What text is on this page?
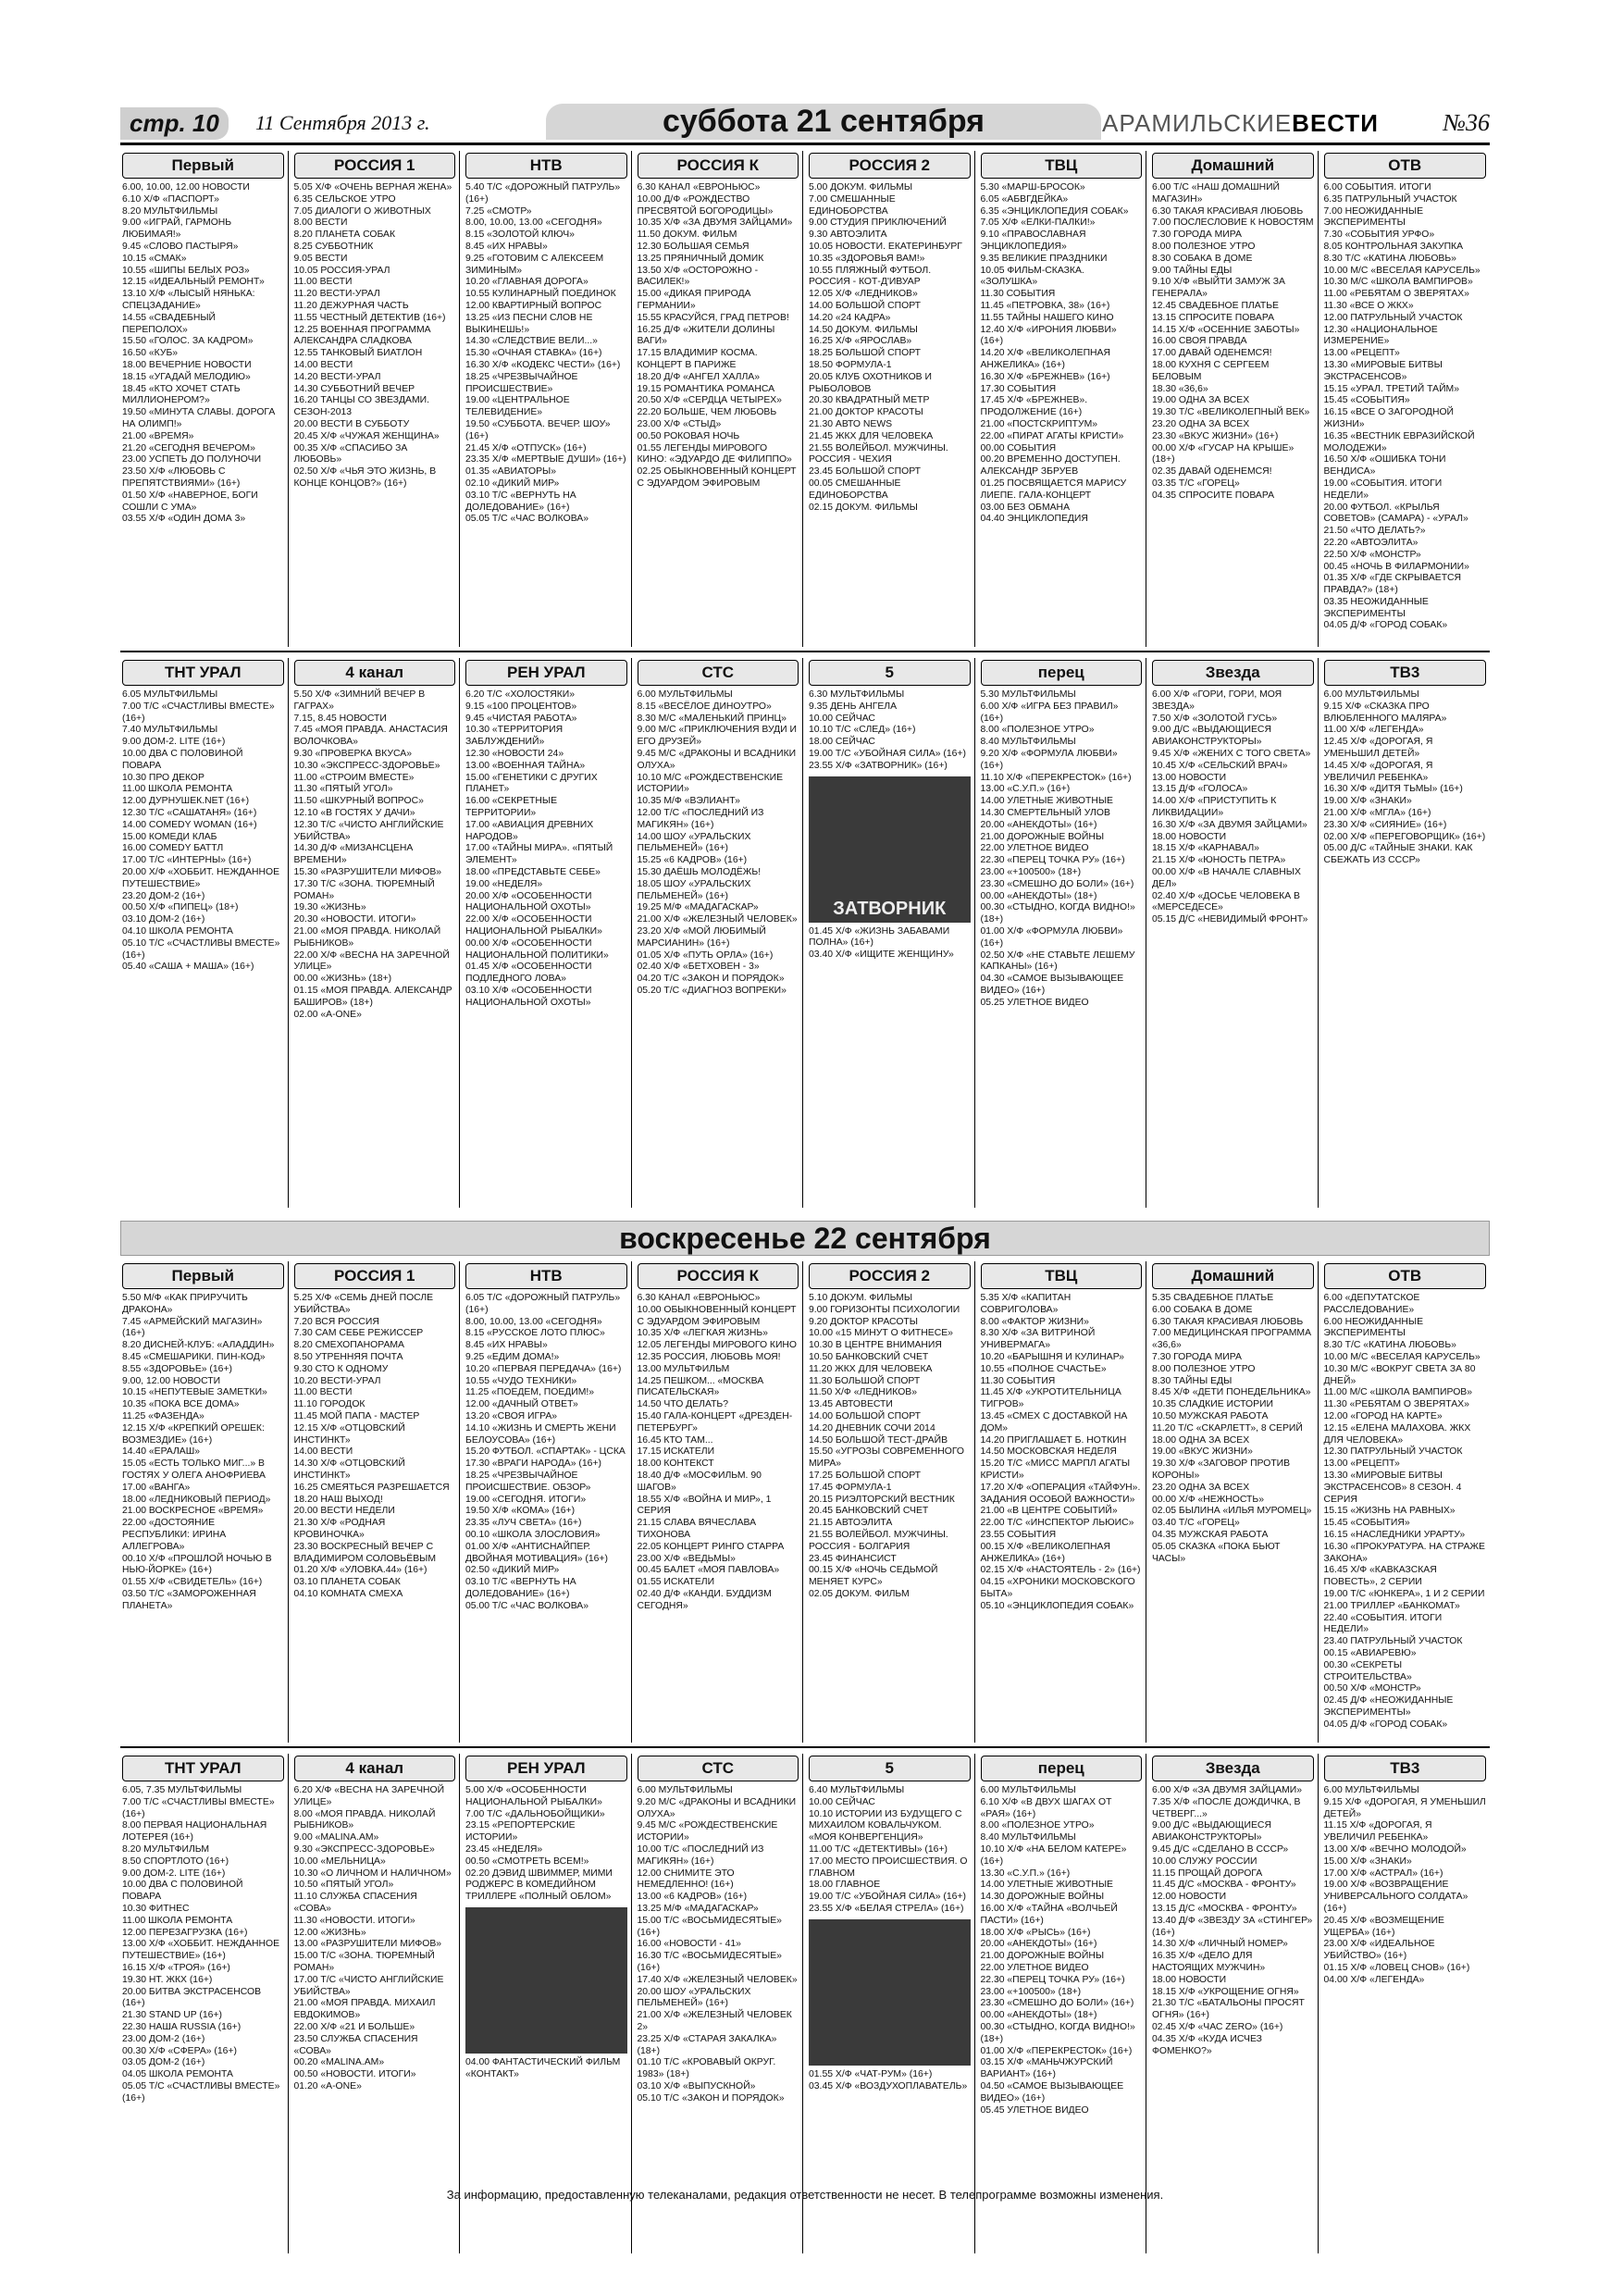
стр. 10	11 Сентября 2013 г.	суббота 21 сентября	АРАМИЛЬСКИЕВЕСТИ	№36
Первый
6.00, 10.00, 12.00 НОВОСТИ
6.10 Х/Ф «ПАСПОРТ»
8.20 МУЛЬТФИЛЬМЫ
9.00 «ИГРАЙ, ГАРМОНЬ ЛЮБИМАЯ!»
9.45 «СЛОВО ПАСТЫРЯ»
10.15 «СМАК»
10.55 «ШИПЫ БЕЛЫХ РОЗ»
12.15 «ИДЕАЛЬНЫЙ РЕМОНТ»
13.10 Х/Ф «ЛЫСЫЙ НЯНЬКА: СПЕЦЗАДАНИЕ»
14.55 «СВАДЕБНЫЙ ПЕРЕПОЛОХ»
15.50 «ГОЛОС. ЗА КАДРОМ»
16.50 «КУБ»
18.00 ВЕЧЕРНИЕ НОВОСТИ
18.15 «УГАДАЙ МЕЛОДИЮ»
18.45 «КТО ХОЧЕТ СТАТЬ МИЛЛИОНЕРОМ?»
19.50 «МИНУТА СЛАВЫ. ДОРОГА НА ОЛИМП!»
21.00 «ВРЕМЯ»
21.20 «СЕГОДНЯ ВЕЧЕРОМ»
23.00 УСПЕТЬ ДО ПОЛУНОЧИ
23.50 Х/Ф «ЛЮБОВЬ С ПРЕПЯТСТВИЯМИ» (16+)
01.50 Х/Ф «НАВЕРНОЕ, БОГИ СОШЛИ С УМА»
03.55 Х/Ф «ОДИН ДОМА 3»
РОССИЯ 1
5.05 Х/Ф «ОЧЕНЬ ВЕРНАЯ ЖЕНА»
6.35 СЕЛЬСКОЕ УТРО
7.05 ДИАЛОГИ О ЖИВОТНЫХ
8.00 ВЕСТИ
8.20 ПЛАНЕТА СОБАК
8.25 СУББОТНИК
9.05 ВЕСТИ
10.05 РОССИЯ-УРАЛ
11.00 ВЕСТИ
11.20 ВЕСТИ-УРАЛ
11.20 ДЕЖУРНАЯ ЧАСТЬ
11.55 ЧЕСТНЫЙ ДЕТЕКТИВ (16+)
12.25 ВОЕННАЯ ПРОГРАММА АЛЕКСАНДРА СЛАДКОВА
12.55 ТАНКОВЫЙ БИАТЛОН
14.00 ВЕСТИ
14.20 ВЕСТИ-УРАЛ
14.30 СУББОТНИЙ ВЕЧЕР
16.20 ТАНЦЫ СО ЗВЕЗДАМИ. СЕЗОН-2013
20.00 ВЕСТИ В СУББОТУ
20.45 Х/Ф «ЧУЖАЯ ЖЕНЩИНА»
00.35 Х/Ф «СПАСИБО ЗА ЛЮБОВЬ»
02.50 Х/Ф «ЧЬЯ ЭТО ЖИЗНЬ, В КОНЦЕ КОНЦОВ?» (16+)
НТВ
5.40 Т/С «ДОРОЖНЫЙ ПАТРУЛЬ» (16+)
7.25 «СМОТР»
8.00, 10.00, 13.00 «СЕГОДНЯ»
8.15 «ЗОЛОТОЙ КЛЮЧ»
8.45 «ИХ НРАВЫ»
9.25 «ГОТОВИМ С АЛЕКСЕЕМ ЗИМИНЫМ»
10.20 «ГЛАВНАЯ ДОРОГА»
10.55 КУЛИНАРНЫЙ ПОЕДИНОК
12.00 КВАРТИРНЫЙ ВОПРОС
13.25 «ИЗ ПЕСНИ СЛОВ НЕ ВЫКИНЕШЬ!»
14.30 «СЛЕДСТВИЕ ВЕЛИ...»
15.30 «ОЧНАЯ СТАВКА» (16+)
16.30 Х/Ф «КОДЕКС ЧЕСТИ» (16+)
18.25 «ЧРЕЗВЫЧАЙНОЕ ПРОИСШЕСТВИЕ»
19.00 «ЦЕНТРАЛЬНОЕ ТЕЛЕВИДЕНИЕ»
19.50 «СУББОТА. ВЕЧЕР. ШОУ» (16+)
21.45 Х/Ф «ОТПУСК» (16+)
23.35 Х/Ф «МЕРТВЫЕ ДУШИ» (16+)
01.35 «АВИАТОРЫ»
02.10 «ДИКИЙ МИР»
03.10 Т/С «ВЕРНУТЬ НА ДОЛЕДОВАНИЕ» (16+)
05.05 Т/С «ЧАС ВОЛКОВА»
РОССИЯ К
6.30 КАНАЛ «ЕВРОНЬЮС»
10.00 Д/Ф «РОЖДЕСТВО ПРЕСВЯТОЙ БОГОРОДИЦЫ»
10.35 Х/Ф «ЗА ДВУМЯ ЗАЙЦАМИ»
11.50 ДОКУМ. ФИЛЬМ
12.30 БОЛЬШАЯ СЕМЬЯ
13.25 ПРЯНИЧНЫЙ ДОМИК
13.50 Х/Ф «ОСТОРОЖНО - ВАСИЛЕК!»
15.00 «ДИКАЯ ПРИРОДА ГЕРМАНИИ»
15.55 КРАСУЙСЯ, ГРАД ПЕТРОВ!
16.25 Д/Ф «ЖИТЕЛИ ДОЛИНЫ ВАГИ»
17.15 ВЛАДИМИР КОСМА. КОНЦЕРТ В ПАРИЖЕ
18.20 Д/Ф «АНГЕЛ ХАЛЛА»
19.15 РОМАНТИКА РОМАНСА
20.50 Х/Ф «СЕРДЦА ЧЕТЫРЕХ»
22.20 БОЛЬШЕ, ЧЕМ ЛЮБОВЬ
23.00 Х/Ф «СТЫД»
00.50 РОКОВАЯ НОЧЬ
01.55 ЛЕГЕНДЫ МИРОВОГО КИНО: «ЭДУАРДО ДЕ ФИЛИППО»
02.25 ОБЫКНОВЕННЫЙ КОНЦЕРТ С ЭДУАРДОМ ЭФИРОВЫМ
РОССИЯ 2
5.00 ДОКУМ. ФИЛЬМЫ
7.00 СМЕШАННЫЕ ЕДИНОБОРСТВА
9.00 СТУДИЯ ПРИКЛЮЧЕНИЙ
9.30 АВТОЭЛИТА
10.05 НОВОСТИ. ЕКАТЕРИНБУРГ
10.35 «ЗДОРОВЬЯ ВАМ!»
10.55 ПЛЯЖНЫЙ ФУТБОЛ. РОССИЯ - КОТ-Д'ИВУАР
12.05 Х/Ф «ЛЕДНИКОВ»
14.00 БОЛЬШОЙ СПОРТ
14.20 «24 КАДРА»
14.50 ДОКУМ. ФИЛЬМЫ
16.25 Х/Ф «ЯРОСЛАВ»
18.25 БОЛЬШОЙ СПОРТ
18.50 ФОРМУЛА-1
20.05 КЛУБ ОХОТНИКОВ И РЫБОЛОВОВ
20.30 КВАДРАТНЫЙ МЕТР
21.00 ДОКТОР КРАСОТЫ
21.30 АВТО NEWS
21.45 ЖКХ ДЛЯ ЧЕЛОВЕКА
21.55 ВОЛЕЙБОЛ. МУЖЧИНЫ. РОССИЯ - ЧЕХИЯ
23.45 БОЛЬШОЙ СПОРТ
00.05 СМЕШАННЫЕ ЕДИНОБОРСТВА
02.15 ДОКУМ. ФИЛЬМЫ
ТВЦ
5.30 «МАРШ-БРОСОК»
6.05 «АБВГДЕЙКА»
6.35 «ЭНЦИКЛОПЕДИЯ СОБАК»
7.05 Х/Ф «ЕЛКИ-ПАЛКИ!»
9.10 «ПРАВОСЛАВНАЯ ЭНЦИКЛОПЕДИЯ»
9.35 ВЕЛИКИЕ ПРАЗДНИКИ
10.05 ФИЛЬМ-СКАЗКА. «ЗОЛУШКА»
11.30 СОБЫТИЯ
11.45 «ПЕТРОВКА, 38» (16+)
11.55 ТАЙНЫ НАШЕГО КИНО
12.40 Х/Ф «ИРОНИЯ ЛЮБВИ» (16+)
14.20 Х/Ф «ВЕЛИКОЛЕПНАЯ АНЖЕЛИКА» (16+)
16.30 Х/Ф «БРЕЖНЕВ» (16+)
17.30 СОБЫТИЯ
17.45 Х/Ф «БРЕЖНЕВ». ПРОДОЛЖЕНИЕ (16+)
21.00 «ПОСТСКРИПТУМ»
22.00 «ПИРАТ АГАТЫ КРИСТИ»
00.00 СОБЫТИЯ
00.20 ВРЕМЕННО ДОСТУПЕН. АЛЕКСАНДР ЗБРУЕВ
01.25 ПОСВЯЩАЕТСЯ МАРИСУ ЛИЕПЕ. ГАЛА-КОНЦЕРТ
03.00 БЕЗ ОБМАНА
04.40 ЭНЦИКЛОПЕДИЯ
Домашний
6.00 Т/С «НАШ ДОМАШНИЙ МАГАЗИН»
6.30 ТАКАЯ КРАСИВАЯ ЛЮБОВЬ
7.00 ПОСЛЕСЛОВИЕ К НОВОСТЯМ
7.30 ГОРОДА МИРА
8.00 ПОЛЕЗНОЕ УТРО
8.30 СОБАКА В ДОМЕ
9.00 ТАЙНЫ ЕДЫ
9.10 Х/Ф «ВЫЙТИ ЗАМУЖ ЗА ГЕНЕРАЛА»
12.45 СВАДЕБНОЕ ПЛАТЬЕ
13.15 СПРОСИТЕ ПОВАРА
14.15 Х/Ф «ОСЕННИЕ ЗАБОТЫ»
16.00 СВОЯ ПРАВДА
17.00 ДАВАЙ ОДЕНЕМСЯ!
18.00 КУХНЯ С СЕРГЕЕМ БЕЛОВЫМ
18.30 «36,6»
19.00 ОДНА ЗА ВСЕХ
19.30 Т/С «ВЕЛИКОЛЕПНЫЙ ВЕК»
23.20 ОДНА ЗА ВСЕХ
23.30 «ВКУС ЖИЗНИ» (16+)
00.00 Х/Ф «ГУСАР НА КРЫШЕ» (18+)
02.35 ДАВАЙ ОДЕНЕМСЯ!
03.35 Т/С «ГОРЕЦ»
04.35 СПРОСИТЕ ПОВАРА
ОТВ
6.00 СОБЫТИЯ. ИТОГИ
6.35 ПАТРУЛЬНЫЙ УЧАСТОК
7.00 НЕОЖИДАННЫЕ ЭКСПЕРИМЕНТЫ
7.30 «СОБЫТИЯ УРФО»
8.05 КОНТРОЛЬНАЯ ЗАКУПКА
8.30 Т/С «КАТИНА ЛЮБОВЬ»
10.00 М/С «ВЕСЕЛАЯ КАРУСЕЛЬ»
10.30 М/С «ШКОЛА ВАМПИРОВ»
11.00 «РЕБЯТАМ О ЗВЕРЯТАХ»
11.30 «ВСЕ О ЖКХ»
12.00 ПАТРУЛЬНЫЙ УЧАСТОК
12.30 «НАЦИОНАЛЬНОЕ ИЗМЕРЕНИЕ»
13.00 «РЕЦЕПТ»
13.30 «МИРОВЫЕ БИТВЫ ЭКСТРАСЕНСОВ»
15.15 «УРАЛ. ТРЕТИЙ ТАЙМ»
15.45 «СОБЫТИЯ»
16.15 «ВСЕ О ЗАГОРОДНОЙ ЖИЗНИ»
16.35 «ВЕСТНИК ЕВРАЗИЙСКОЙ МОЛОДЕЖИ»
16.50 Х/Ф «ОШИБКА ТОНИ ВЕНДИСА»
19.00 «СОБЫТИЯ. ИТОГИ НЕДЕЛИ»
20.00 ФУТБОЛ. «КРЫЛЬЯ СОВЕТОВ» (САМАРА) - «УРАЛ»
21.50 «ЧТО ДЕЛАТЬ?»
22.20 «АВТОЭЛИТА»
22.50 Х/Ф «МОНСТР»
00.45 «НОЧЬ В ФИЛАРМОНИИ»
01.35 Х/Ф «ГДЕ СКРЫВАЕТСЯ ПРАВДА?» (18+)
03.35 НЕОЖИДАННЫЕ ЭКСПЕРИМЕНТЫ
04.05 Д/Ф «ГОРОД СОБАК»
ТНТ УРАЛ
6.05 МУЛЬТФИЛЬМЫ
7.00 Т/С «СЧАСТЛИВЫ ВМЕСТЕ» (16+)
7.40 МУЛЬТФИЛЬМЫ
9.00 ДОМ-2. LITE (16+)
10.00 ДВА С ПОЛОВИНОЙ ПОВАРА
10.30 ПРО ДЕКОР
11.00 ШКОЛА РЕМОНТА
12.00 ДУРНУШЕК.NET (16+)
12.30 Т/С «САШАТАНЯ» (16+)
14.00 COMEDY WOMAN (16+)
15.00 КОМЕДИ КЛАБ
16.00 COMEDY БАТТЛ
17.00 Т/С «ИНТЕРНЫ» (16+)
20.00 Х/Ф «ХОББИТ. НЕЖДАННОЕ ПУТЕШЕСТВИЕ»
23.20 ДОМ-2 (16+)
00.50 Х/Ф «ПИПЕЦ» (18+)
03.10 ДОМ-2 (16+)
04.10 ШКОЛА РЕМОНТА
05.10 Т/С «СЧАСТЛИВЫ ВМЕСТЕ» (16+)
05.40 «САША + МАША» (16+)
4 канал
5.50 Х/Ф «ЗИМНИЙ ВЕЧЕР В ГАГРАХ»
7.15, 8.45 НОВОСТИ
7.45 «МОЯ ПРАВДА. АНАСТАСИЯ ВОЛОЧКОВА»
9.30 «ПРОВЕРКА ВКУСА»
10.30 «ЭКСПРЕСС-ЗДОРОВЬЕ»
11.00 «СТРОИМ ВМЕСТЕ»
11.30 «ПЯТЫЙ УГОЛ»
11.50 «ШКУРНЫЙ ВОПРОС»
12.10 «В ГОСТЯХ У ДАЧИ»
12.30 Т/С «ЧИСТО АНГЛИЙСКИЕ УБИЙСТВА»
14.30 Д/Ф «МИЗАНСЦЕНА ВРЕМЕНИ»
15.30 «РАЗРУШИТЕЛИ МИФОВ»
17.30 Т/С «ЗОНА. ТЮРЕМНЫЙ РОМАН»
19.30 «ЖИЗНЬ»
20.30 «НОВОСТИ. ИТОГИ»
21.00 «МОЯ ПРАВДА. НИКОЛАЙ РЫБНИКОВ»
22.00 Х/Ф «ВЕСНА НА ЗАРЕЧНОЙ УЛИЦЕ»
00.00 «ЖИЗНЬ» (18+)
01.15 «МОЯ ПРАВДА. АЛЕКСАНДР БАШИРОВ» (18+)
02.00 «A-ONE»
РЕН УРАЛ
6.20 Т/С «ХОЛОСТЯКИ»
9.15 «100 ПРОЦЕНТОВ»
9.45 «ЧИСТАЯ РАБОТА»
10.30 «ТЕРРИТОРИЯ ЗАБЛУЖДЕНИЙ»
12.30 «НОВОСТИ 24»
13.00 «ВОЕННАЯ ТАЙНА»
15.00 «ГЕНЕТИКИ С ДРУГИХ ПЛАНЕТ»
16.00 «СЕКРЕТНЫЕ ТЕРРИТОРИИ»
17.00 «АВИАЦИЯ ДРЕВНИХ НАРОДОВ»
17.00 «ТАЙНЫ МИРА». «ПЯТЫЙ ЭЛЕМЕНТ»
18.00 «ПРЕДСТАВЬТЕ СЕБЕ»
19.00 «НЕДЕЛЯ»
20.00 Х/Ф «ОСОБЕННОСТИ НАЦИОНАЛЬНОЙ ОХОТЫ»
22.00 Х/Ф «ОСОБЕННОСТИ НАЦИОНАЛЬНОЙ РЫБАЛКИ»
00.00 Х/Ф «ОСОБЕННОСТИ НАЦИОНАЛЬНОЙ ПОЛИТИКИ»
01.45 Х/Ф «ОСОБЕННОСТИ ПОДЛЕДНОГО ЛОВА»
03.10 Х/Ф «ОСОБЕННОСТИ НАЦИОНАЛЬНОЙ ОХОТЫ»
СТС
6.00 МУЛЬТФИЛЬМЫ
8.15 «ВЕСЁЛОЕ ДИНОУТРО»
8.30 М/С «МАЛЕНЬКИЙ ПРИНЦ»
9.00 М/С «ПРИКЛЮЧЕНИЯ ВУДИ И ЕГО ДРУЗЕЙ»
9.45 М/С «ДРАКОНЫ И ВСАДНИКИ ОЛУХА»
10.10 М/С «РОЖДЕСТВЕНСКИЕ ИСТОРИИ»
10.35 М/Ф «ВЭЛИАНТ»
12.00 Т/С «ПОСЛЕДНИЙ ИЗ МАГИКЯН» (16+)
14.00 ШОУ «УРАЛЬСКИХ ПЕЛЬМЕНЕЙ» (16+)
15.25 «6 КАДРОВ» (16+)
15.30 ДАЁШЬ МОЛОДЁЖЬ!
18.05 ШОУ «УРАЛЬСКИХ ПЕЛЬМЕНЕЙ» (16+)
19.25 М/Ф «МАДАГАСКАР»
21.00 Х/Ф «ЖЕЛЕЗНЫЙ ЧЕЛОВЕК»
23.20 Х/Ф «МОЙ ЛЮБИМЫЙ МАРСИАНИН» (16+)
01.05 Х/Ф «ПУТЬ ОРЛА» (16+)
02.40 Х/Ф «БЕТХОВЕН - 3»
04.20 Т/С «ЗАКОН И ПОРЯДОК»
05.20 Т/С «ДИАГНОЗ ВОПРЕКИ»
5
6.30 МУЛЬТФИЛЬМЫ
9.35 ДЕНЬ АНГЕЛА
10.00 СЕЙЧАС
10.10 Т/С «СЛЕД» (16+)
18.00 СЕЙЧАС
19.00 Т/С «УБОЙНАЯ СИЛА» (16+)
23.55 Х/Ф «ЗАТВОРНИК» (16+)
ЗАТВОРНИК
01.45 Х/Ф «ЖИЗНЬ ЗАБАВАМИ ПОЛНА» (16+)
03.40 Х/Ф «ИЩИТЕ ЖЕНЩИНУ»
перец
5.30 МУЛЬТФИЛЬМЫ
6.00 Х/Ф «ИГРА БЕЗ ПРАВИЛ» (16+)
8.00 «ПОЛЕЗНОЕ УТРО»
8.40 МУЛЬТФИЛЬМЫ
9.20 Х/Ф «ФОРМУЛА ЛЮБВИ» (16+)
11.10 Х/Ф «ПЕРЕКРЕСТОК» (16+)
13.00 «С.У.П.» (16+)
14.00 УЛЕТНЫЕ ЖИВОТНЫЕ
14.30 СМЕРТЕЛЬНЫЙ УЛОВ
20.00 «АНЕКДОТЫ» (16+)
21.00 ДОРОЖНЫЕ ВОЙНЫ
22.00 УЛЕТНОЕ ВИДЕО
22.30 «ПЕРЕЦ ТОЧКА РУ» (16+)
23.00 «+100500» (18+)
23.30 «СМЕШНО ДО БОЛИ» (16+)
00.00 «АНЕКДОТЫ» (18+)
00.30 «СТЫДНО, КОГДА ВИДНО!» (18+)
01.00 Х/Ф «ФОРМУЛА ЛЮБВИ» (16+)
02.50 Х/Ф «НЕ СТАВЬТЕ ЛЕШЕМУ КАПКАНЫ» (16+)
04.30 «САМОЕ ВЫЗЫВАЮЩЕЕ ВИДЕО» (16+)
05.25 УЛЕТНОЕ ВИДЕО
Звезда
6.00 Х/Ф «ГОРИ, ГОРИ, МОЯ ЗВЕЗДА»
7.50 Х/Ф «ЗОЛОТОЙ ГУСЬ»
9.00 Д/С «ВЫДАЮЩИЕСЯ АВИАКОНСТРУКТОРЫ»
9.45 Х/Ф «ЖЕНИХ С ТОГО СВЕТА»
10.45 Х/Ф «СЕЛЬСКИЙ ВРАЧ»
13.00 НОВОСТИ
13.15 Д/Ф «ГОЛОСА»
14.00 Х/Ф «ПРИСТУПИТЬ К ЛИКВИДАЦИИ»
16.30 Х/Ф «ЗА ДВУМЯ ЗАЙЦАМИ»
18.00 НОВОСТИ
18.15 Х/Ф «КАРНАВАЛ»
21.15 Х/Ф «ЮНОСТЬ ПЕТРА»
00.00 Х/Ф «В НАЧАЛЕ СЛАВНЫХ ДЕЛ»
02.40 Х/Ф «ДОСЬЕ ЧЕЛОВЕКА В «МЕРСЕДЕСЕ»
05.15 Д/С «НЕВИДИМЫЙ ФРОНТ»
ТВ3
6.00 МУЛЬТФИЛЬМЫ
9.15 Х/Ф «СКАЗКА ПРО ВЛЮБЛЕННОГО МАЛЯРА»
11.00 Х/Ф «ЛЕГЕНДА»
12.45 Х/Ф «ДОРОГАЯ, Я УМЕНЬШИЛ ДЕТЕЙ»
14.45 Х/Ф «ДОРОГАЯ, Я УВЕЛИЧИЛ РЕБЕНКА»
16.30 Х/Ф «ДИТЯ ТЬМЫ» (16+)
19.00 Х/Ф «ЗНАКИ»
21.00 Х/Ф «МГЛА» (16+)
23.30 Х/Ф «СИЯНИЕ» (16+)
02.00 Х/Ф «ПЕРЕГОВОРЩИК» (16+)
05.00 Д/С «ТАЙНЫЕ ЗНАКИ. КАК СБЕЖАТЬ ИЗ СССР»
воскресенье 22 сентября
Первый
5.50 М/Ф «КАК ПРИРУЧИТЬ ДРАКОНА»
7.45 «АРМЕЙСКИЙ МАГАЗИН» (16+)
8.20 ДИСНЕЙ-КЛУБ: «АЛАДДИН»
8.45 «СМЕШАРИКИ. ПИН-КОД»
8.55 «ЗДОРОВЬЕ» (16+)
9.00, 12.00 НОВОСТИ
10.15 «НЕПУТЕВЫЕ ЗАМЕТКИ»
10.35 «ПОКА ВСЕ ДОМА»
11.25 «ФАЗЕНДА»
12.15 Х/Ф «КРЕПКИЙ ОРЕШЕК: ВОЗМЕЗДИЕ» (16+)
14.40 «ЕРАЛАШ»
15.05 «ЕСТЬ ТОЛЬКО МИГ...» В ГОСТЯХ У ОЛЕГА АНОФРИЕВА
17.00 «ВАНГА»
18.00 «ЛЕДНИКОВЫЙ ПЕРИОД»
21.00 ВОСКРЕСНОЕ «ВРЕМЯ»
22.00 «ДОСТОЯНИЕ РЕСПУБЛИКИ: ИРИНА АЛЛЕГРОВА»
00.10 Х/Ф «ПРОШЛОЙ НОЧЬЮ В НЬЮ-ЙОРКЕ» (16+)
01.55 Х/Ф «СВИДЕТЕЛЬ» (16+)
03.50 Т/С «ЗАМОРОЖЕННАЯ ПЛАНЕТА»
РОССИЯ 1
5.25 Х/Ф «СЕМЬ ДНЕЙ ПОСЛЕ УБИЙСТВА»
7.20 ВСЯ РОССИЯ
7.30 САМ СЕБЕ РЕЖИССЕР
8.20 СМЕХОПАНОРАМА
8.50 УТРЕННЯЯ ПОЧТА
9.30 СТО К ОДНОМУ
10.20 ВЕСТИ-УРАЛ
11.00 ВЕСТИ
11.10 ГОРОДОК
11.45 МОЙ ПАПА - МАСТЕР
12.15 Х/Ф «ОТЦОВСКИЙ ИНСТИНКТ»
14.00 ВЕСТИ
14.30 Х/Ф «ОТЦОВСКИЙ ИНСТИНКТ»
16.25 СМЕЯТЬСЯ РАЗРЕШАЕТСЯ
18.20 НАШ ВЫХОД!
20.00 ВЕСТИ НЕДЕЛИ
21.30 Х/Ф «РОДНАЯ КРОВИНОЧКА»
23.30 ВОСКРЕСНЫЙ ВЕЧЕР С ВЛАДИМИРОМ СОЛОВЬЁВЫМ
01.20 Х/Ф «УЛОВКА.44» (16+)
03.10 ПЛАНЕТА СОБАК
04.10 КОМНАТА СМЕХА
НТВ
6.05 Т/С «ДОРОЖНЫЙ ПАТРУЛЬ» (16+)
8.00, 10.00, 13.00 «СЕГОДНЯ»
8.15 «РУССКОЕ ЛОТО ПЛЮС»
8.45 «ИХ НРАВЫ»
9.25 «ЕДИМ ДОМА!»
10.20 «ПЕРВАЯ ПЕРЕДАЧА» (16+)
10.55 «ЧУДО ТЕХНИКИ»
11.25 «ПОЕДЕМ, ПОЕДИМ!»
12.00 «ДАЧНЫЙ ОТВЕТ»
13.20 «СВОЯ ИГРА»
14.10 «ЖИЗНЬ И СМЕРТЬ ЖЕНИ БЕЛОУСОВА» (16+)
15.20 ФУТБОЛ. «СПАРТАК» - ЦСКА
17.30 «ВРАГИ НАРОДА» (16+)
18.25 «ЧРЕЗВЫЧАЙНОЕ ПРОИСШЕСТВИЕ. ОБЗОР»
19.00 «СЕГОДНЯ. ИТОГИ»
19.50 Х/Ф «КОМА» (16+)
23.35 «ЛУЧ СВЕТА» (16+)
00.10 «ШКОЛА ЗЛОСЛОВИЯ»
01.00 Х/Ф «АНТИСНАЙПЕР. ДВОЙНАЯ МОТИВАЦИЯ» (16+)
02.50 «ДИКИЙ МИР»
03.10 Т/С «ВЕРНУТЬ НА ДОЛЕДОВАНИЕ» (16+)
05.00 Т/С «ЧАС ВОЛКОВА»
РОССИЯ К
6.30 КАНАЛ «ЕВРОНЬЮС»
10.00 ОБЫКНОВЕННЫЙ КОНЦЕРТ С ЭДУАРДОМ ЭФИРОВЫМ
10.35 Х/Ф «ЛЕГКАЯ ЖИЗНЬ»
12.05 ЛЕГЕНДЫ МИРОВОГО КИНО
12.35 РОССИЯ, ЛЮБОВЬ МОЯ!
13.00 МУЛЬТФИЛЬМ
14.25 ПЕШКОМ... «МОСКВА ПИСАТЕЛЬСКАЯ»
14.50 ЧТО ДЕЛАТЬ?
15.40 ГАЛА-КОНЦЕРТ «ДРЕЗДЕН-ПЕТЕРБУРГ»
16.45 КТО ТАМ...
17.15 ИСКАТЕЛИ
18.00 КОНТЕКСТ
18.40 Д/Ф «МОСФИЛЬМ. 90 ШАГОВ»
18.55 Х/Ф «ВОЙНА И МИР», 1 СЕРИЯ
21.15 СЛАВА ВЯЧЕСЛАВА ТИХОНОВА
22.05 КОНЦЕРТ РИНГО СТАРРА
23.00 Х/Ф «ВЕДЬМЫ»
00.45 БАЛЕТ «МОЯ ПАВЛОВА»
01.55 ИСКАТЕЛИ
02.40 Д/Ф «КАНДИ. БУДДИЗМ СЕГОДНЯ»
РОССИЯ 2
5.10 ДОКУМ. ФИЛЬМЫ
9.00 ГОРИЗОНТЫ ПСИХОЛОГИИ
9.20 ДОКТОР КРАСОТЫ
10.00 «15 МИНУТ О ФИТНЕСЕ»
10.30 В ЦЕНТРЕ ВНИМАНИЯ
10.50 БАНКОВСКИЙ СЧЕТ
11.20 ЖКХ ДЛЯ ЧЕЛОВЕКА
11.30 БОЛЬШОЙ СПОРТ
11.50 Х/Ф «ЛЕДНИКОВ»
13.45 АВТОВЕСТИ
14.00 БОЛЬШОЙ СПОРТ
14.20 ДНЕВНИК СОЧИ 2014
14.50 БОЛЬШОЙ ТЕСТ-ДРАЙВ
15.50 «УГРОЗЫ СОВРЕМЕННОГО МИРА»
17.25 БОЛЬШОЙ СПОРТ
17.45 ФОРМУЛА-1
20.15 РИЭЛТОРСКИЙ ВЕСТНИК
20.45 БАНКОВСКИЙ СЧЕТ
21.15 АВТОЭЛИТА
21.55 ВОЛЕЙБОЛ. МУЖЧИНЫ. РОССИЯ - БОЛГАРИЯ
23.45 ФИНАНСИСТ
00.15 Х/Ф «НОЧЬ СЕДЬМОЙ МЕНЯЕТ КУРС»
02.05 ДОКУМ. ФИЛЬМ
ТВЦ
5.35 Х/Ф «КАПИТАН СОВРИГОЛОВА»
8.00 «ФАКТОР ЖИЗНИ»
8.30 Х/Ф «ЗА ВИТРИНОЙ УНИВЕРМАГА»
10.20 «БАРЫШНЯ И КУЛИНАР»
10.55 «ПОЛНОЕ СЧАСТЬЕ»
11.30 СОБЫТИЯ
11.45 Х/Ф «УКРОТИТЕЛЬНИЦА ТИГРОВ»
13.45 «СМЕХ С ДОСТАВКОЙ НА ДОМ»
14.20 ПРИГЛАШАЕТ Б. НОТКИН
14.50 МОСКОВСКАЯ НЕДЕЛЯ
15.20 Т/С «МИСС МАРПЛ АГАТЫ КРИСТИ»
17.20 Х/Ф «ОПЕРАЦИЯ «ТАЙФУН». ЗАДАНИЯ ОСОБОЙ ВАЖНОСТИ»
21.00 «В ЦЕНТРЕ СОБЫТИЙ»
22.00 Т/С «ИНСПЕКТОР ЛЬЮИС»
23.55 СОБЫТИЯ
00.15 Х/Ф «ВЕЛИКОЛЕПНАЯ АНЖЕЛИКА» (16+)
02.15 Х/Ф «НАСТОЯТЕЛЬ - 2» (16+)
04.15 «ХРОНИКИ МОСКОВСКОГО БЫТА»
05.10 «ЭНЦИКЛОПЕДИЯ СОБАК»
Домашний
5.35 СВАДЕБНОЕ ПЛАТЬЕ
6.00 СОБАКА В ДОМЕ
6.30 ТАКАЯ КРАСИВАЯ ЛЮБОВЬ
7.00 МЕДИЦИНСКАЯ ПРОГРАММА «36,6»
7.30 ГОРОДА МИРА
8.00 ПОЛЕЗНОЕ УТРО
8.30 ТАЙНЫ ЕДЫ
8.45 Х/Ф «ДЕТИ ПОНЕДЕЛЬНИКА»
10.35 СЛАДКИЕ ИСТОРИИ
10.50 МУЖСКАЯ РАБОТА
11.20 Т/С «СКАРЛЕТТ», 8 СЕРИЙ
18.00 ОДНА ЗА ВСЕХ
19.00 «ВКУС ЖИЗНИ»
19.30 Х/Ф «ЗАГОВОР ПРОТИВ КОРОНЫ»
23.20 ОДНА ЗА ВСЕХ
00.00 Х/Ф «НЕЖНОСТЬ»
02.05 БЫЛИНА «ИЛЬЯ МУРОМЕЦ»
03.40 Т/С «ГОРЕЦ»
04.35 МУЖСКАЯ РАБОТА
05.05 СКАЗКА «ПОКА БЬЮТ ЧАСЫ»
ОТВ
6.00 «ДЕПУТАТСКОЕ РАССЛЕДОВАНИЕ»
6.00 НЕОЖИДАННЫЕ ЭКСПЕРИМЕНТЫ
8.30 Т/С «КАТИНА ЛЮБОВЬ»
10.00 М/С «ВЕСЕЛАЯ КАРУСЕЛЬ»
10.30 М/С «ВОКРУГ СВЕТА ЗА 80 ДНЕЙ»
11.00 М/С «ШКОЛА ВАМПИРОВ»
11.30 «РЕБЯТАМ О ЗВЕРЯТАХ»
12.00 «ГОРОД НА КАРТЕ»
12.15 «ЕЛЕНА МАЛАХОВА. ЖКХ ДЛЯ ЧЕЛОВЕКА»
12.30 ПАТРУЛЬНЫЙ УЧАСТОК
13.00 «РЕЦЕПТ»
13.30 «МИРОВЫЕ БИТВЫ ЭКСТРАСЕНСОВ» 8 СЕЗОН. 4 СЕРИЯ
15.15 «ЖИЗНЬ НА РАВНЫХ»
15.45 «СОБЫТИЯ»
16.15 «НАСЛЕДНИКИ УРАРТУ»
16.30 «ПРОКУРАТУРА. НА СТРАЖЕ ЗАКОНА»
16.45 Х/Ф «КАВКАЗСКАЯ ПОВЕСТЬ», 2 СЕРИИ
19.00 Т/С «ЮНКЕРА», 1 И 2 СЕРИИ
21.00 ТРИЛЛЕР «БАНКОМАТ»
22.40 «СОБЫТИЯ. ИТОГИ НЕДЕЛИ»
23.40 ПАТРУЛЬНЫЙ УЧАСТОК
00.15 «АВИАРЕВЮ»
00.30 «СЕКРЕТЫ СТРОИТЕЛЬСТВА»
00.50 Х/Ф «МОНСТР»
02.45 Д/Ф «НЕОЖИДАННЫЕ ЭКСПЕРИМЕНТЫ»
04.05 Д/Ф «ГОРОД СОБАК»
ТНТ УРАЛ
6.05, 7.35 МУЛЬТФИЛЬМЫ
7.00 Т/С «СЧАСТЛИВЫ ВМЕСТЕ» (16+)
8.00 ПЕРВАЯ НАЦИОНАЛЬНАЯ ЛОТЕРЕЯ (16+)
8.20 МУЛЬТФИЛЬМ
8.50 СПОРТЛОТО (16+)
9.00 ДОМ-2. LITE (16+)
10.00 ДВА С ПОЛОВИНОЙ ПОВАРА
10.30 ФИТНЕС
11.00 ШКОЛА РЕМОНТА
12.00 ПЕРЕЗАГРУЗКА (16+)
13.00 Х/Ф «ХОББИТ. НЕЖДАННОЕ ПУТЕШЕСТВИЕ» (16+)
16.15 Х/Ф «ТРОЯ» (16+)
19.30 НТ. ЖКХ (16+)
20.00 БИТВА ЭКСТРАСЕНСОВ (16+)
21.30 STAND UP (16+)
22.30 НАША RUSSIA (16+)
23.00 ДОМ-2 (16+)
00.30 Х/Ф «СФЕРА» (16+)
03.05 ДОМ-2 (16+)
04.05 ШКОЛА РЕМОНТА
05.05 Т/С «СЧАСТЛИВЫ ВМЕСТЕ» (16+)
4 канал
6.20 Х/Ф «ВЕСНА НА ЗАРЕЧНОЙ УЛИЦЕ»
8.00 «МОЯ ПРАВДА. НИКОЛАЙ РЫБНИКОВ»
9.00 «MALINA.AM»
9.30 «ЭКСПРЕСС-ЗДОРОВЬЕ»
10.00 «МЕЛЬНИЦА»
10.30 «О ЛИЧНОМ И НАЛИЧНОМ»
10.50 «ПЯТЫЙ УГОЛ»
11.10 СЛУЖБА СПАСЕНИЯ «СОВА»
11.30 «НОВОСТИ. ИТОГИ»
12.00 «ЖИЗНЬ»
13.00 «РАЗРУШИТЕЛИ МИФОВ»
15.00 Т/С «ЗОНА. ТЮРЕМНЫЙ РОМАН»
17.00 Т/С «ЧИСТО АНГЛИЙСКИЕ УБИЙСТВА»
21.00 «МОЯ ПРАВДА. МИХАИЛ ЕВДОКИМОВ»
22.00 Х/Ф «21 И БОЛЬШЕ»
23.50 СЛУЖБА СПАСЕНИЯ «СОВА»
00.20 «MALINA.AM»
00.50 «НОВОСТИ. ИТОГИ»
01.20 «A-ONE»
РЕН УРАЛ
5.00 Х/Ф «ОСОБЕННОСТИ НАЦИОНАЛЬНОЙ РЫБАЛКИ»
7.00 Т/С «ДАЛЬНОБОЙЩИКИ»
23.15 «РЕПОРТЕРСКИЕ ИСТОРИИ»
23.45 «НЕДЕЛЯ»
00.50 «СМОТРЕТЬ ВСЕМ!»
02.20 ДЭВИД ШВИММЕР, МИМИ РОДЖЕРС В КОМЕДИЙНОМ ТРИЛЛЕРЕ «ПОЛНЫЙ ОБЛОМ»
04.00 ФАНТАСТИЧЕСКИЙ ФИЛЬМ «КОНТАКТ»
СТС
6.00 МУЛЬТФИЛЬМЫ
9.20 М/С «ДРАКОНЫ И ВСАДНИКИ ОЛУХА»
9.45 М/С «РОЖДЕСТВЕНСКИЕ ИСТОРИИ»
10.00 Т/С «ПОСЛЕДНИЙ ИЗ МАГИКЯН» (16+)
12.00 СНИМИТЕ ЭТО НЕМЕДЛЕННО! (16+)
13.00 «6 КАДРОВ» (16+)
13.25 М/Ф «МАДАГАСКАР»
15.00 Т/С «ВОСЬМИДЕСЯТЫЕ» (16+)
16.00 «НОВОСТИ - 41»
16.30 Т/С «ВОСЬМИДЕСЯТЫЕ» (16+)
17.40 Х/Ф «ЖЕЛЕЗНЫЙ ЧЕЛОВЕК»
20.00 ШОУ «УРАЛЬСКИХ ПЕЛЬМЕНЕЙ» (16+)
21.00 Х/Ф «ЖЕЛЕЗНЫЙ ЧЕЛОВЕК 2»
23.25 Х/Ф «СТАРАЯ ЗАКАЛКА» (18+)
01.10 Т/С «КРОВАВЫЙ ОКРУГ. 1983» (18+)
03.10 Х/Ф «ВЫПУСКНОЙ»
05.10 Т/С «ЗАКОН И ПОРЯДОК»
5
6.40 МУЛЬТФИЛЬМЫ
10.00 СЕЙЧАС
10.10 ИСТОРИИ ИЗ БУДУЩЕГО С МИХАИЛОМ КОВАЛЬЧУКОМ. «МОЯ КОНВЕРГЕНЦИЯ»
11.00 Т/С «ДЕТЕКТИВЫ» (16+)
17.00 МЕСТО ПРОИСШЕСТВИЯ. О ГЛАВНОМ
18.00 ГЛАВНОЕ
19.00 Т/С «УБОЙНАЯ СИЛА» (16+)
23.55 Х/Ф «БЕЛАЯ СТРЕЛА» (16+)
01.55 Х/Ф «ЧАТ-РУМ» (16+)
03.45 Х/Ф «ВОЗДУХОПЛАВАТЕЛЬ»
перец
6.00 МУЛЬТФИЛЬМЫ
6.10 Х/Ф «В ДВУХ ШАГАХ ОТ «РАЯ» (16+)
8.00 «ПОЛЕЗНОЕ УТРО»
8.40 МУЛЬТФИЛЬМЫ
10.10 Х/Ф «НА БЕЛОМ КАТЕРЕ» (16+)
13.30 «С.У.П.» (16+)
14.00 УЛЕТНЫЕ ЖИВОТНЫЕ
14.30 ДОРОЖНЫЕ ВОЙНЫ
16.00 Х/Ф «ТАЙНА «ВОЛЧЬЕЙ ПАСТИ» (16+)
18.00 Х/Ф «РЫСЬ» (16+)
20.00 «АНЕКДОТЫ» (16+)
21.00 ДОРОЖНЫЕ ВОЙНЫ
22.00 УЛЕТНОЕ ВИДЕО
22.30 «ПЕРЕЦ ТОЧКА РУ» (16+)
23.00 «+100500» (18+)
23.30 «СМЕШНО ДО БОЛИ» (16+)
00.00 «АНЕКДОТЫ» (18+)
00.30 «СТЫДНО, КОГДА ВИДНО!» (18+)
01.00 Х/Ф «ПЕРЕКРЕСТОК» (16+)
03.15 Х/Ф «МАНЬЧЖУРСКИЙ ВАРИАНТ» (16+)
04.50 «САМОЕ ВЫЗЫВАЮЩЕЕ ВИДЕО» (16+)
05.45 УЛЕТНОЕ ВИДЕО
Звезда
6.00 Х/Ф «ЗА ДВУМЯ ЗАЙЦАМИ»
7.35 Х/Ф «ПОСЛЕ ДОЖДИЧКА, В ЧЕТВЕРГ...»
9.00 Д/С «ВЫДАЮЩИЕСЯ АВИАКОНСТРУКТОРЫ»
9.45 Д/С «СДЕЛАНО В СССР»
10.00 СЛУЖУ РОССИИ
11.15 ПРОЩАЙ ДОРОГА
11.45 Д/С «МОСКВА - ФРОНТУ»
12.00 НОВОСТИ
13.15 Д/С «МОСКВА - ФРОНТУ»
13.40 Д/Ф «ЗВЕЗДУ ЗА «СТИНГЕР» (16+)
14.30 Х/Ф «ЛИЧНЫЙ НОМЕР»
16.35 Х/Ф «ДЕЛО ДЛЯ НАСТОЯЩИХ МУЖЧИН»
18.00 НОВОСТИ
18.15 Х/Ф «УКРОЩЕНИЕ ОГНЯ»
21.30 Т/С «БАТАЛЬОНЫ ПРОСЯТ ОГНЯ» (16+)
02.45 Х/Ф «ЧАС ZERO» (16+)
04.35 Х/Ф «КУДА ИСЧЕЗ ФОМЕНКО?»
ТВ3
6.00 МУЛЬТФИЛЬМЫ
9.15 Х/Ф «ДОРОГАЯ, Я УМЕНЬШИЛ ДЕТЕЙ»
11.15 Х/Ф «ДОРОГАЯ, Я УВЕЛИЧИЛ РЕБЕНКА»
13.00 Х/Ф «ВЕЧНО МОЛОДОЙ»
15.00 Х/Ф «ЗНАКИ»
17.00 Х/Ф «АСТРАЛ» (16+)
19.00 Х/Ф «ВОЗВРАЩЕНИЕ УНИВЕРСАЛЬНОГО СОЛДАТА» (16+)
20.45 Х/Ф «ВОЗМЕЩЕНИЕ УЩЕРБА» (16+)
23.00 Х/Ф «ИДЕАЛЬНОЕ УБИЙСТВО» (16+)
01.15 Х/Ф «ЛОВЕЦ СНОВ» (16+)
04.00 Х/Ф «ЛЕГЕНДА»
За информацию, предоставленную телеканалами, редакция ответственности не несет. В телепрограмме возможны изменения.
